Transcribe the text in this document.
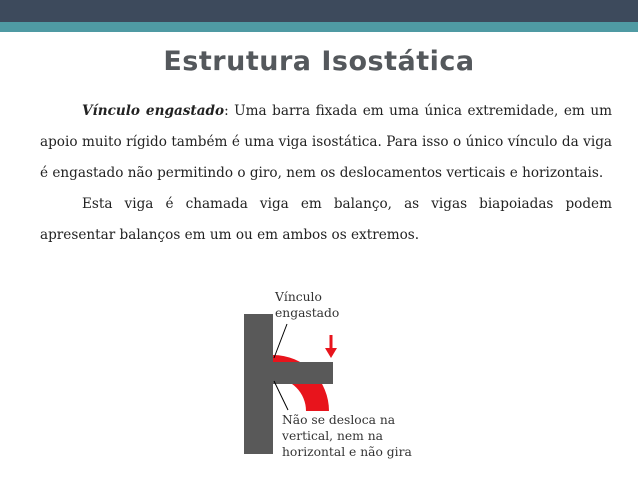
Estrutura Isostática

Vínculo engastado: Uma barra fixada em uma única extremidade, em um apoio muito rígido também é uma viga isostática. Para isso o único vínculo da viga é engastado não permitindo o giro, nem os deslocamentos verticais e horizontais.

Esta viga é chamada viga em balanço, as vigas biapoiadas podem apresentar balanços em um ou em ambos os extremos.

Vínculo
engastado
Não se desloca na
vertical, nem na
horizontal e não gira
